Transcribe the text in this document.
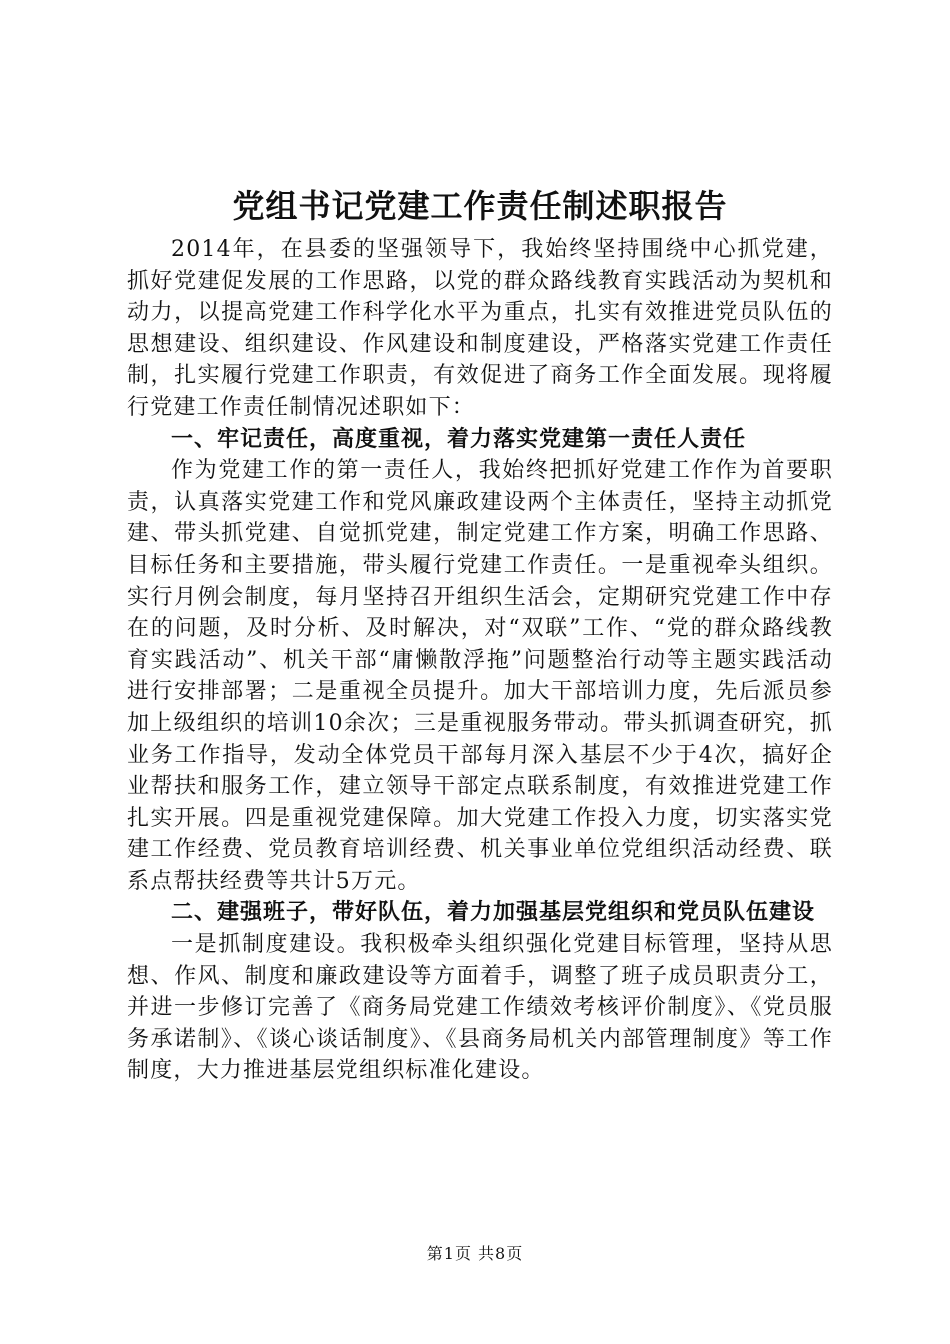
党组书记党建工作责任制述职报告

2014年，在县委的坚强领导下，我始终坚持围绕中心抓党建，抓好党建促发展的工作思路，以党的群众路线教育实践活动为契机和动力，以提高党建工作科学化水平为重点，扎实有效推进党员队伍的思想建设、组织建设、作风建设和制度建设，严格落实党建工作责任制，扎实履行党建工作职责，有效促进了商务工作全面发展。现将履行党建工作责任制情况述职如下：

一、牢记责任，高度重视，着力落实党建第一责任人责任

作为党建工作的第一责任人，我始终把抓好党建工作作为首要职责，认真落实党建工作和党风廉政建设两个主体责任，坚持主动抓党建、带头抓党建、自觉抓党建，制定党建工作方案，明确工作思路、目标任务和主要措施，带头履行党建工作责任。一是重视牵头组织。实行月例会制度，每月坚持召开组织生活会，定期研究党建工作中存在的问题，及时分析、及时解决，对“双联”工作、“党的群众路线教育实践活动”、机关干部“庸懒散浮拖”问题整治行动等主题实践活动进行安排部署；二是重视全员提升。加大干部培训力度，先后派员参加上级组织的培训10余次；三是重视服务带动。带头抓调查研究，抓业务工作指导，发动全体党员干部每月深入基层不少于4次，搞好企业帮扶和服务工作，建立领导干部定点联系制度，有效推进党建工作扎实开展。四是重视党建保障。加大党建工作投入力度，切实落实党建工作经费、党员教育培训经费、机关事业单位党组织活动经费、联系点帮扶经费等共计5万元。

二、建强班子，带好队伍，着力加强基层党组织和党员队伍建设

一是抓制度建设。我积极牵头组织强化党建目标管理，坚持从思想、作风、制度和廉政建设等方面着手，调整了班子成员职责分工，并进一步修订完善了《商务局党建工作绩效考核评价制度》、《党员服务承诺制》、《谈心谈话制度》、《县商务局机关内部管理制度》等工作制度，大力推进基层党组织标准化建设。

第1页 共8页
